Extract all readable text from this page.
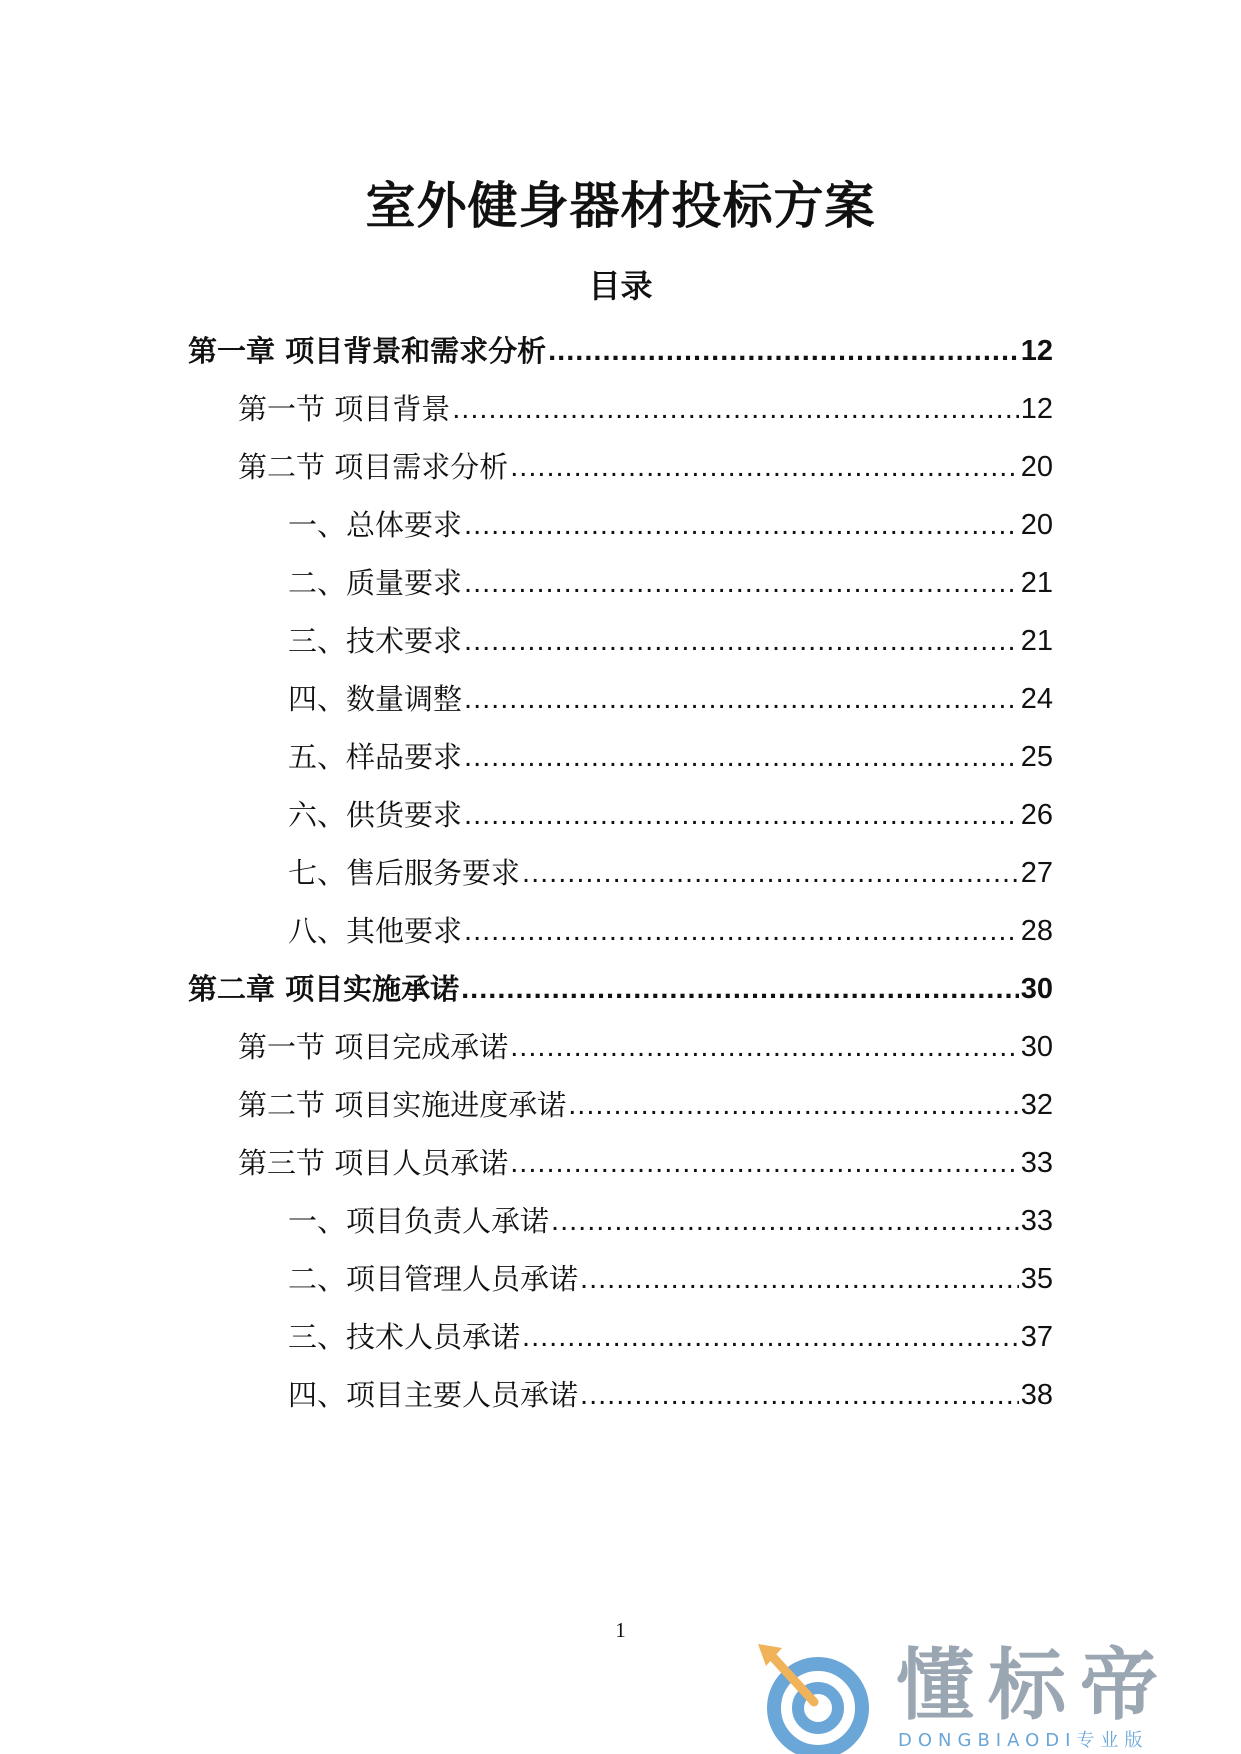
室外健身器材投标方案
目录
第一章 项目背景和需求分析 .....	12
第一节 项目背景 .....	12
第二节 项目需求分析 .....	20
一、总体要求 .....	20
二、质量要求 .....	21
三、技术要求 .....	21
四、数量调整 .....	24
五、样品要求 .....	25
六、供货要求 .....	26
七、售后服务要求 .....	27
八、其他要求 .....	28
第二章 项目实施承诺 .....	30
第一节 项目完成承诺 .....	30
第二节 项目实施进度承诺 .....	32
第三节 项目人员承诺 .....	33
一、项目负责人承诺 .....	33
二、项目管理人员承诺 .....	35
三、技术人员承诺 .....	37
四、项目主要人员承诺 .....	38
1
懂标帝
DONGBIAODI专业版
